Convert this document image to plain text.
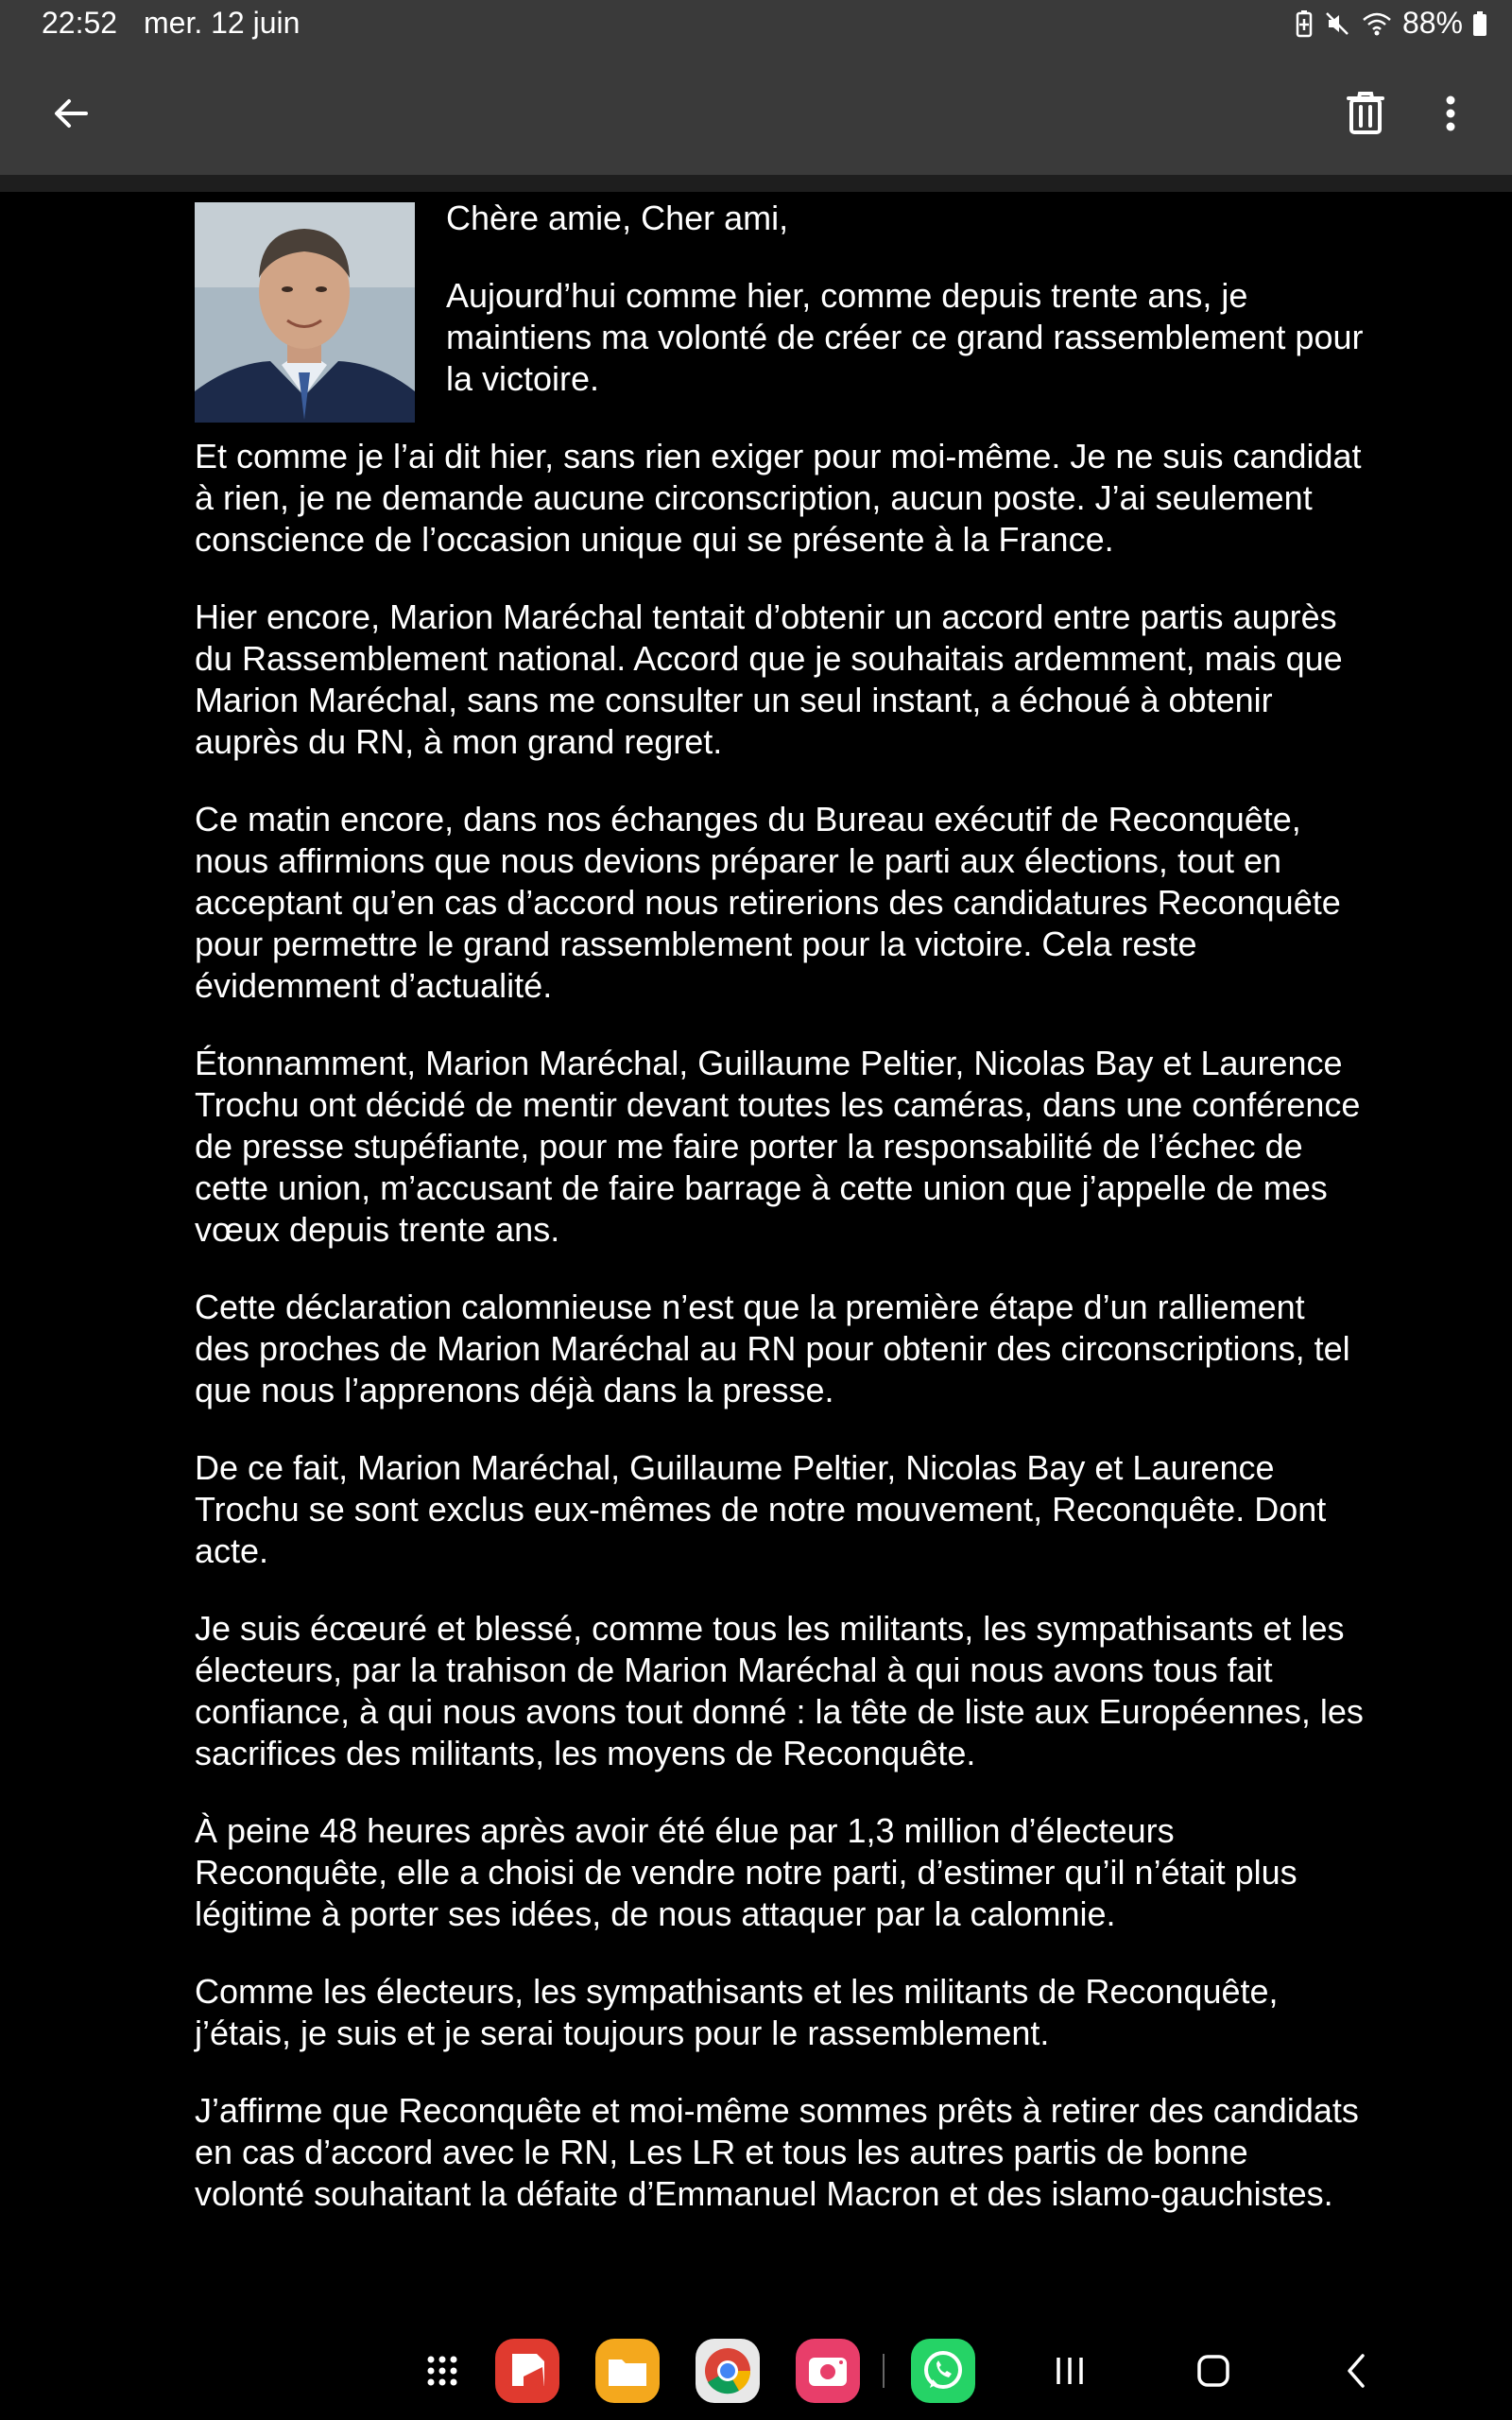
22:52 mer. 12 juin	88%

Chère amie, Cher ami,

Aujourd’hui comme hier, comme depuis trente ans, je maintiens ma volonté de créer ce grand rassemblement pour la victoire.

Et comme je l’ai dit hier, sans rien exiger pour moi-même. Je ne suis candidat à rien, je ne demande aucune circonscription, aucun poste. J’ai seulement conscience de l’occasion unique qui se présente à la France.

Hier encore, Marion Maréchal tentait d’obtenir un accord entre partis auprès du Rassemblement national. Accord que je souhaitais ardemment, mais que Marion Maréchal, sans me consulter un seul instant, a échoué à obtenir auprès du RN, à mon grand regret.

Ce matin encore, dans nos échanges du Bureau exécutif de Reconquête, nous affirmions que nous devions préparer le parti aux élections, tout en acceptant qu’en cas d’accord nous retirerions des candidatures Reconquête pour permettre le grand rassemblement pour la victoire. Cela reste évidemment d’actualité.

Étonnamment, Marion Maréchal, Guillaume Peltier, Nicolas Bay et Laurence Trochu ont décidé de mentir devant toutes les caméras, dans une conférence de presse stupéfiante, pour me faire porter la responsabilité de l’échec de cette union, m’accusant de faire barrage à cette union que j’appelle de mes vœux depuis trente ans.

Cette déclaration calomnieuse n’est que la première étape d’un ralliement des proches de Marion Maréchal au RN pour obtenir des circonscriptions, tel que nous l’apprenons déjà dans la presse.

De ce fait, Marion Maréchal, Guillaume Peltier, Nicolas Bay et Laurence Trochu se sont exclus eux-mêmes de notre mouvement, Reconquête. Dont acte.

Je suis écœuré et blessé, comme tous les militants, les sympathisants et les électeurs, par la trahison de Marion Maréchal à qui nous avons tous fait confiance, à qui nous avons tout donné : la tête de liste aux Européennes, les sacrifices des militants, les moyens de Reconquête.

À peine 48 heures après avoir été élue par 1,3 million d’électeurs Reconquête, elle a choisi de vendre notre parti, d’estimer qu’il n’était plus légitime à porter ses idées, de nous attaquer par la calomnie.

Comme les électeurs, les sympathisants et les militants de Reconquête, j’étais, je suis et je serai toujours pour le rassemblement.

J’affirme que Reconquête et moi-même sommes prêts à retirer des candidats en cas d’accord avec le RN, Les LR et tous les autres partis de bonne volonté souhaitant la défaite d’Emmanuel Macron et des islamo-gauchistes.
